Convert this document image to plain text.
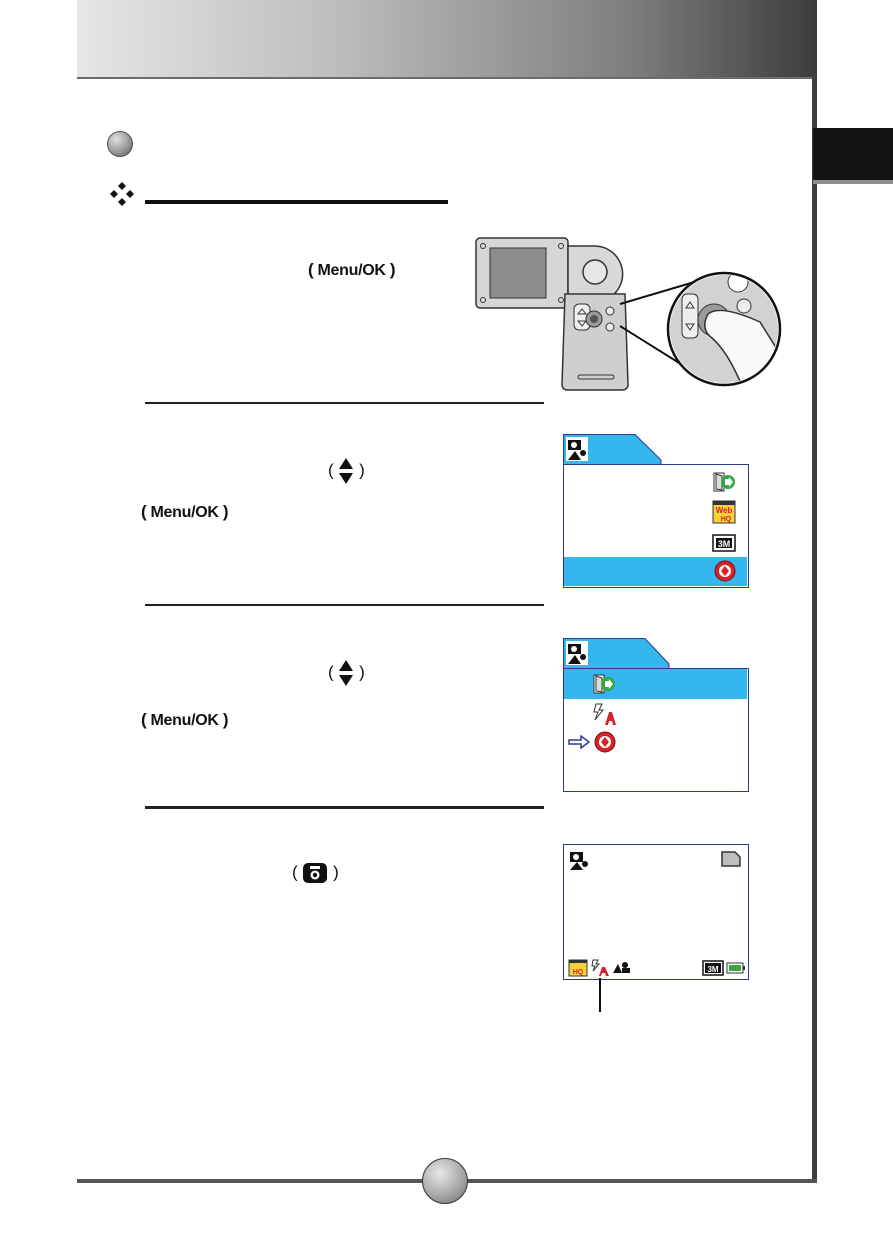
( Menu/OK )
( )
( Menu/OK )	Web
HQ
3M
( )
( Menu/OK )
( )
HQ	3M
